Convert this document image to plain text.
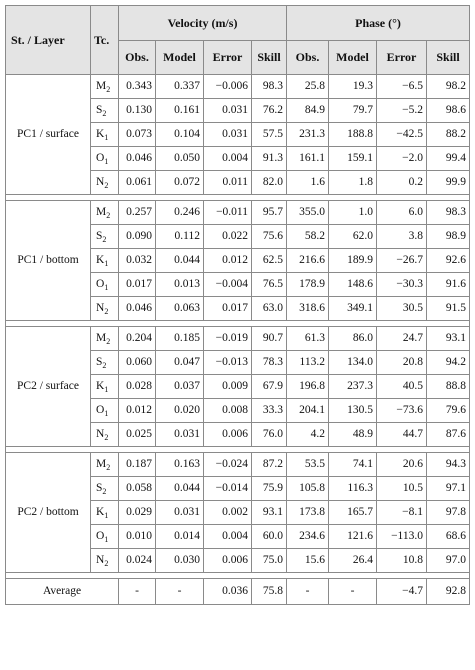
St. / Layer	Tc.	Velocity (m/s)				Phase (°)			
		Obs.	Model	Error	Skill	Obs.	Model	Error	Skill
PC1 / surface	$M_2$	0.343	0.337	−0.006	98.3	25.8	19.3	−6.5	98.2
	$S_2$	0.130	0.161	0.031	76.2	84.9	79.7	−5.2	98.6
	$K_1$	0.073	0.104	0.031	57.5	231.3	188.8	−42.5	88.2
	$O_1$	0.046	0.050	0.004	91.3	161.1	159.1	−2.0	99.4
	$N_2$	0.061	0.072	0.011	82.0	1.6	1.8	0.2	99.9

PC1 / bottom	$M_2$	0.257	0.246	−0.011	95.7	355.0	1.0	6.0	98.3
	$S_2$	0.090	0.112	0.022	75.6	58.2	62.0	3.8	98.9
	$K_1$	0.032	0.044	0.012	62.5	216.6	189.9	−26.7	92.6
	$O_1$	0.017	0.013	−0.004	76.5	178.9	148.6	−30.3	91.6
	$N_2$	0.046	0.063	0.017	63.0	318.6	349.1	30.5	91.5

PC2 / surface	$M_2$	0.204	0.185	−0.019	90.7	61.3	86.0	24.7	93.1
	$S_2$	0.060	0.047	−0.013	78.3	113.2	134.0	20.8	94.2
	$K_1$	0.028	0.037	0.009	67.9	196.8	237.3	40.5	88.8
	$O_1$	0.012	0.020	0.008	33.3	204.1	130.5	−73.6	79.6
	$N_2$	0.025	0.031	0.006	76.0	4.2	48.9	44.7	87.6

PC2 / bottom	$M_2$	0.187	0.163	−0.024	87.2	53.5	74.1	20.6	94.3
	$S_2$	0.058	0.044	−0.014	75.9	105.8	116.3	10.5	97.1
	$K_1$	0.029	0.031	0.002	93.1	173.8	165.7	−8.1	97.8
	$O_1$	0.010	0.014	0.004	60.0	234.6	121.6	−113.0	68.6
	$N_2$	0.024	0.030	0.006	75.0	15.6	26.4	10.8	97.0

Average		-	-	0.036	75.8	-	-	−4.7	92.8
